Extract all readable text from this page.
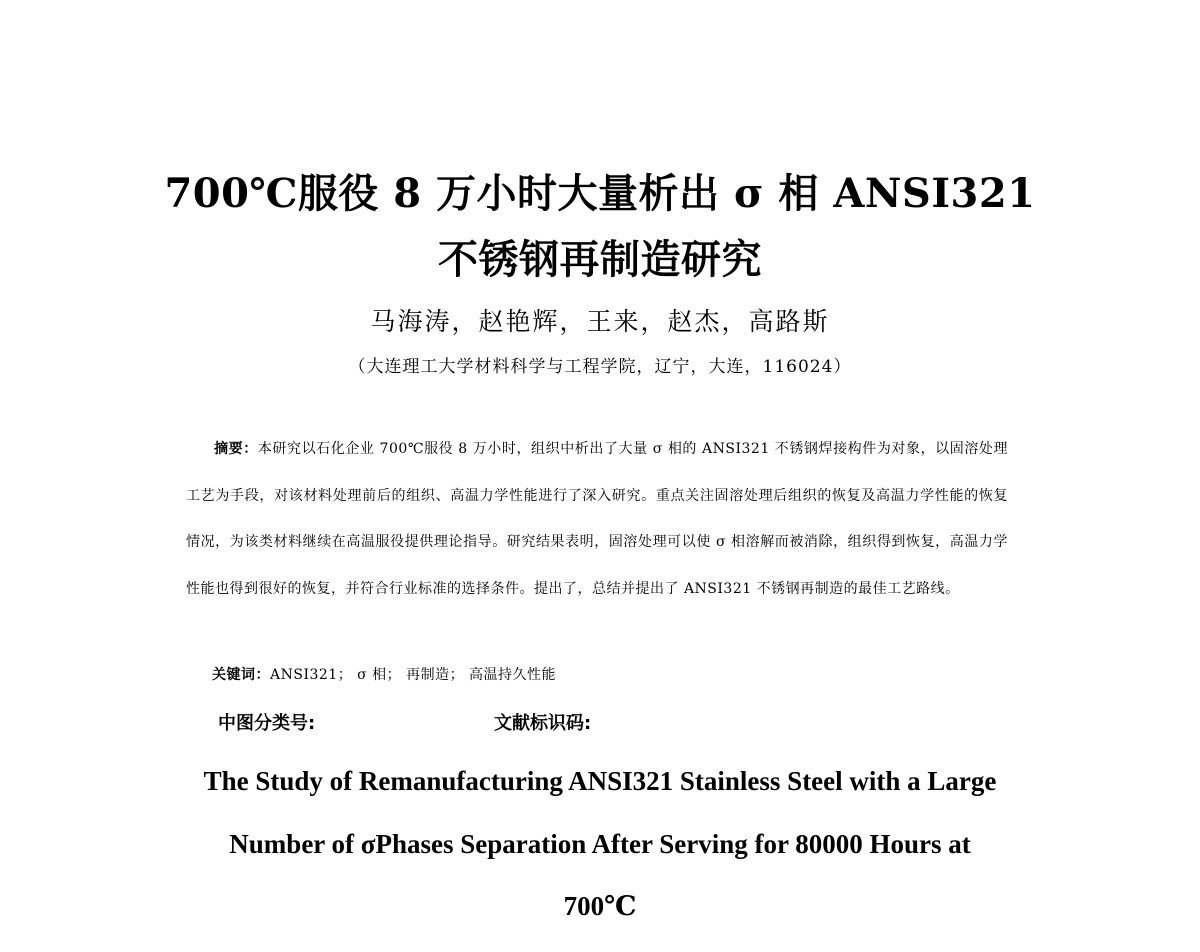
700℃服役 8 万小时大量析出 σ 相 ANSI321
不锈钢再制造研究
马海涛，赵艳辉，王来，赵杰，高路斯
（大连理工大学材料科学与工程学院，辽宁，大连，116024）
摘要：本研究以石化企业 700℃服役 8 万小时，组织中析出了大量 σ 相的 ANSI321 不锈钢焊接构件为对象，以固溶处理工艺为手段，对该材料处理前后的组织、高温力学性能进行了深入研究。重点关注固溶处理后组织的恢复及高温力学性能的恢复情况，为该类材料继续在高温服役提供理论指导。研究结果表明，固溶处理可以使 σ 相溶解而被消除，组织得到恢复，高温力学性能也得到很好的恢复，并符合行业标准的选择条件。提出了，总结并提出了 ANSI321 不锈钢再制造的最佳工艺路线。
关键词：ANSI321； σ 相； 再制造； 高温持久性能
中图分类号:	文献标识码:
The Study of Remanufacturing ANSI321 Stainless Steel with a Large
Number of σPhases Separation After Serving for 80000 Hours at
700℃
